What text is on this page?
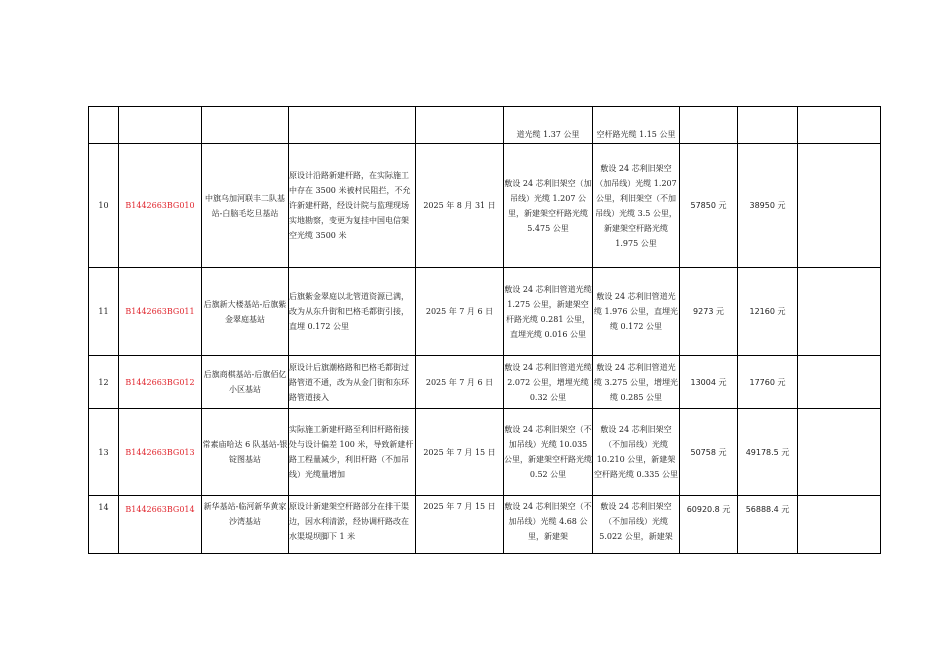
					道光缆 1.37 公里	空杆路光缆 1.15 公里			
10	B1442663BG010	中旗乌加河联丰二队基站-白脑毛圪旦基站	原设计沿路新建杆路，在实际施工中存在 3500 米被村民阻拦，不允许新建杆路，经设计院与监理现场实地勘察，变更为复挂中国电信架空光缆 3500 米	2025 年 8 月 31 日	敷设 24 芯利旧架空（加吊线）光缆 1.207 公里，新建架空杆路光缆 5.475 公里	敷设 24 芯利旧架空（加吊线）光缆 1.207 公里，利旧架空（不加吊线）光缆 3.5 公里，新建架空杆路光缆 1.975 公里	57850 元	38950 元	
11	B1442663BG011	后旗新大楼基站-后旗紫金翠庭基站	后旗紫金翠庭以北管道资源已满，改为从东升街和巴格毛都街引接，直埋 0.172 公里	2025 年 7 月 6 日	敷设 24 芯利旧管道光缆 1.275 公里，新建架空杆路光缆 0.281 公里，直埋光缆 0.016 公里	敷设 24 芯利旧管道光缆 1.976 公里，直埋光缆 0.172 公里	9273 元	12160 元	
12	B1442663BG012	后旗商棋基站-后旗佰亿小区基站	原设计后旗潮格路和巴格毛都街过路管道不通，改为从金门街和东环路管道接入	2025 年 7 月 6 日	敷设 24 芯利旧管道光缆 2.072 公里，增埋光缆 0.32 公里	敷设 24 芯利旧管道光缆 3.275 公里，增埋光缆 0.285 公里	13004 元	17760 元	
13	B1442663BG013	常素庙哈达 6 队基站-银锭图基站	实际施工新建杆路至利旧杆路衔接处与设计偏差 100 米，导致新建杆路工程量减少，利旧杆路（不加吊线）光缆量增加	2025 年 7 月 15 日	敷设 24 芯利旧架空（不加吊线）光缆 10.035 公里，新建架空杆路光缆 0.52 公里	敷设 24 芯利旧架空（不加吊线）光缆 10.210 公里，新建架空杆路光缆 0.335 公里	50758 元	49178.5 元	
14	B1442663BG014	新华基站-临河新华黄家沙湾基站	原设计新建架空杆路部分在排干渠边，因水利清淤，经协调杆路改在水渠堤坝脚下 1 米	2025 年 7 月 15 日	敷设 24 芯利旧架空（不加吊线）光缆 4.68 公里，新建架	敷设 24 芯利旧架空（不加吊线）光缆 5.022 公里，新建架	60920.8 元	56888.4 元	
